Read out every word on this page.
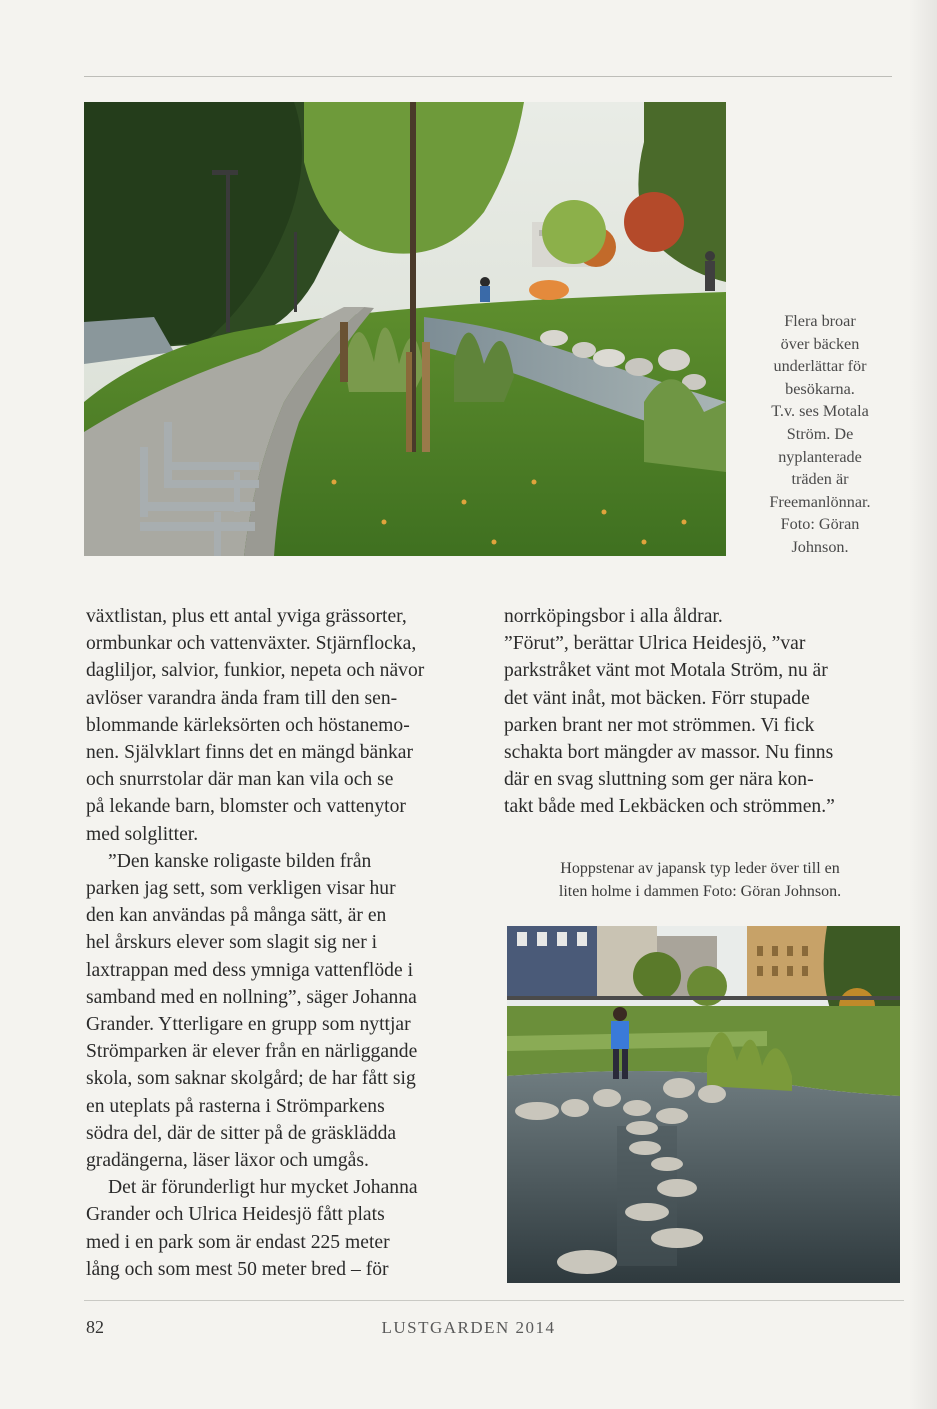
Flera broar
över bäcken
underlättar för
besökarna.
T.v. ses Motala
Ström. De
nyplanterade
träden är
Freemanlönnar.
Foto: Göran
Johnson.
växtlistan, plus ett antal yviga grässorter,
ormbunkar och vattenväxter. Stjärnflocka,
dagliljor, salvior, funkior, nepeta och nävor
avlöser varandra ända fram till den sen-
blommande kärleksörten och höstanemo-
nen. Självklart finns det en mängd bänkar
och snurrstolar där man kan vila och se
på lekande barn, blomster och vattenytor
med solglitter.
”Den kanske roligaste bilden från
parken jag sett, som verkligen visar hur
den kan användas på många sätt, är en
hel årskurs elever som slagit sig ner i
laxtrappan med dess ymniga vattenflöde i
samband med en nollning”, säger Johanna
Grander. Ytterligare en grupp som nyttjar
Strömparken är elever från en närliggande
skola, som saknar skolgård; de har fått sig
en uteplats på rasterna i Strömparkens
södra del, där de sitter på de gräsklädda
gradängerna, läser läxor och umgås.
Det är förunderligt hur mycket Johanna
Grander och Ulrica Heidesjö fått plats
med i en park som är endast 225 meter
lång och som mest 50 meter bred – för
norrköpingsbor i alla åldrar.
”Förut”, berättar Ulrica Heidesjö, ”var
parkstråket vänt mot Motala Ström, nu är
det vänt inåt, mot bäcken. Förr stupade
parken brant ner mot strömmen. Vi fick
schakta bort mängder av massor. Nu finns
där en svag sluttning som ger nära kon-
takt både med Lekbäcken och strömmen.”
Hoppstenar av japansk typ leder över till en
liten holme i dammen Foto: Göran Johnson.
82	LUSTGARDEN 2014
